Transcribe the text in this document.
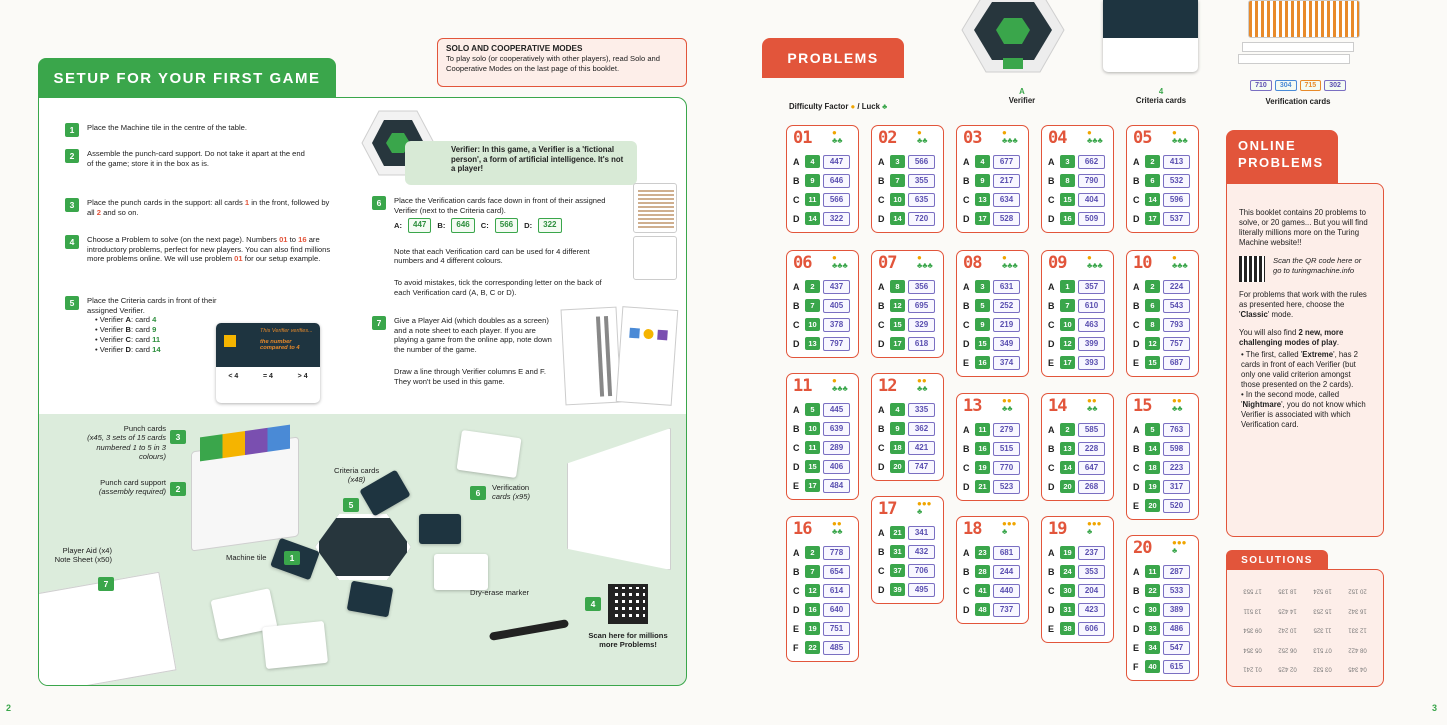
SOLO AND COOPERATIVE MODES
To play solo (or cooperatively with other players), read Solo and Cooperative Modes on the last page of this booklet.
SETUP FOR YOUR FIRST GAME
1	Place the Machine tile in the centre of the table.
2	Assemble the punch-card support. Do not take it apart at the end of the game; store it in the box as is.
3	Place the punch cards in the support: all cards 1 in the front, followed by all 2 and so on.
4	Choose a Problem to solve (on the next page). Numbers 01 to 16 are introductory problems, perfect for new players. You can also find millions more problems online. We will use problem 01 for our setup example.
5	Place the Criteria cards in front of their assigned Verifier.
• Verifier A: card 4
• Verifier B: card 9
• Verifier C: card 11
• Verifier D: card 14
This Verifier verifies...
the number compared to 4
< 4	= 4	> 4
Verifier: In this game, a Verifier is a 'fictional person', a form of artificial intelligence. It's not a player!
6	Place the Verification cards face down in front of their assigned Verifier (next to the Criteria card).
A:	447	B:	646	C:	566	D:	322

Note that each Verification card can be used for 4 different numbers and 4 different colours.

To avoid mistakes, tick the corresponding letter on the back of each Verification card (A, B, C or D).

7	Give a Player Aid (which doubles as a screen) and a note sheet to each player. If you are playing a game from the online app, note down the number of the game.

Draw a line through Verifier columns E and F. They won't be used in this game.

Punch cards
(x45, 3 sets of 15 cards numbered 1 to 5 in 3 colours)
3
Punch card support
(assembly required)	2
Player Aid (x4)
Note Sheet (x50)
7
Machine tile	1
Criteria cards
(x48)
5
6
Verification
cards (x95)
Dry-erase marker
4
Scan here for millions more Problems!
2
PROBLEMS
Difficulty Factor ● / Luck ♣
A
Verifier
4
Criteria cards
710	304	715	302
Verification cards
01	●
♣♣
A	4	447
B	9	646
C	11	566
D	14	322
02	●
♣♣
A	3	566
B	7	355
C	10	635
D	14	720
03	●
♣♣♣
A	4	677
B	9	217
C	13	634
D	17	528
04	●
♣♣♣
A	3	662
B	8	790
C	15	404
D	16	509
05	●
♣♣♣
A	2	413
B	6	532
C	14	596
D	17	537
06	●
♣♣♣
A	2	437
B	7	405
C	10	378
D	13	797
07	●
♣♣♣
A	8	356
B	12	695
C	15	329
D	17	618
08	●
♣♣♣
A	3	631
B	5	252
C	9	219
D	15	349
E	16	374
09	●
♣♣♣
A	1	357
B	7	610
C	10	463
D	12	399
E	17	393
10	●
♣♣♣
A	2	224
B	6	543
C	8	793
D	12	757
E	15	687
11	●
♣♣♣
A	5	445
B	10	639
C	11	289
D	15	406
E	17	484
12	●●
♣♣
A	4	335
B	9	362
C	18	421
D	20	747
13	●●
♣♣
A	11	279
B	16	515
C	19	770
D	21	523
14	●●
♣♣
A	2	585
B	13	228
C	14	647
D	20	268
15	●●
♣♣
A	5	763
B	14	598
C	18	223
D	19	317
E	20	520
16	●●
♣♣
A	2	778
B	7	654
C	12	614
D	16	640
E	19	751
F	22	485
17	●●●
♣
A	21	341
B	31	432
C	37	706
D	39	495
18	●●●
♣
A	23	681
B	28	244
C	41	440
D	48	737
19	●●●
♣
A	19	237
B	24	353
C	30	204
D	31	423
E	38	606
20	●●●
♣
A	11	287
B	22	533
C	30	389
D	33	486
E	34	547
F	40	615
ONLINE
PROBLEMS

This booklet contains 20 problems to solve, or 20 games... But you will find literally millions more on the Turing Machine website!!

Scan the QR code here or go to turingmachine.info

For problems that work with the rules as presented here, choose the 'Classic' mode.

You will also find 2 new, more challenging modes of play.

• The first, called 'Extreme', has 2 cards in front of each Verifier (but only one valid criterion amongst those presented on the 2 cards).
• In the second mode, called 'Nightmare', you do not know which Verifier is associated with which Verification card.
SOLUTIONS
17 553	18 135	19 524	20 152
13 511	14 425	15 253	16 342
09 354	10 242	11 325	12 331
05 354	06 252	07 513	08 422
01 241	02 425	03 532	04 345
3
